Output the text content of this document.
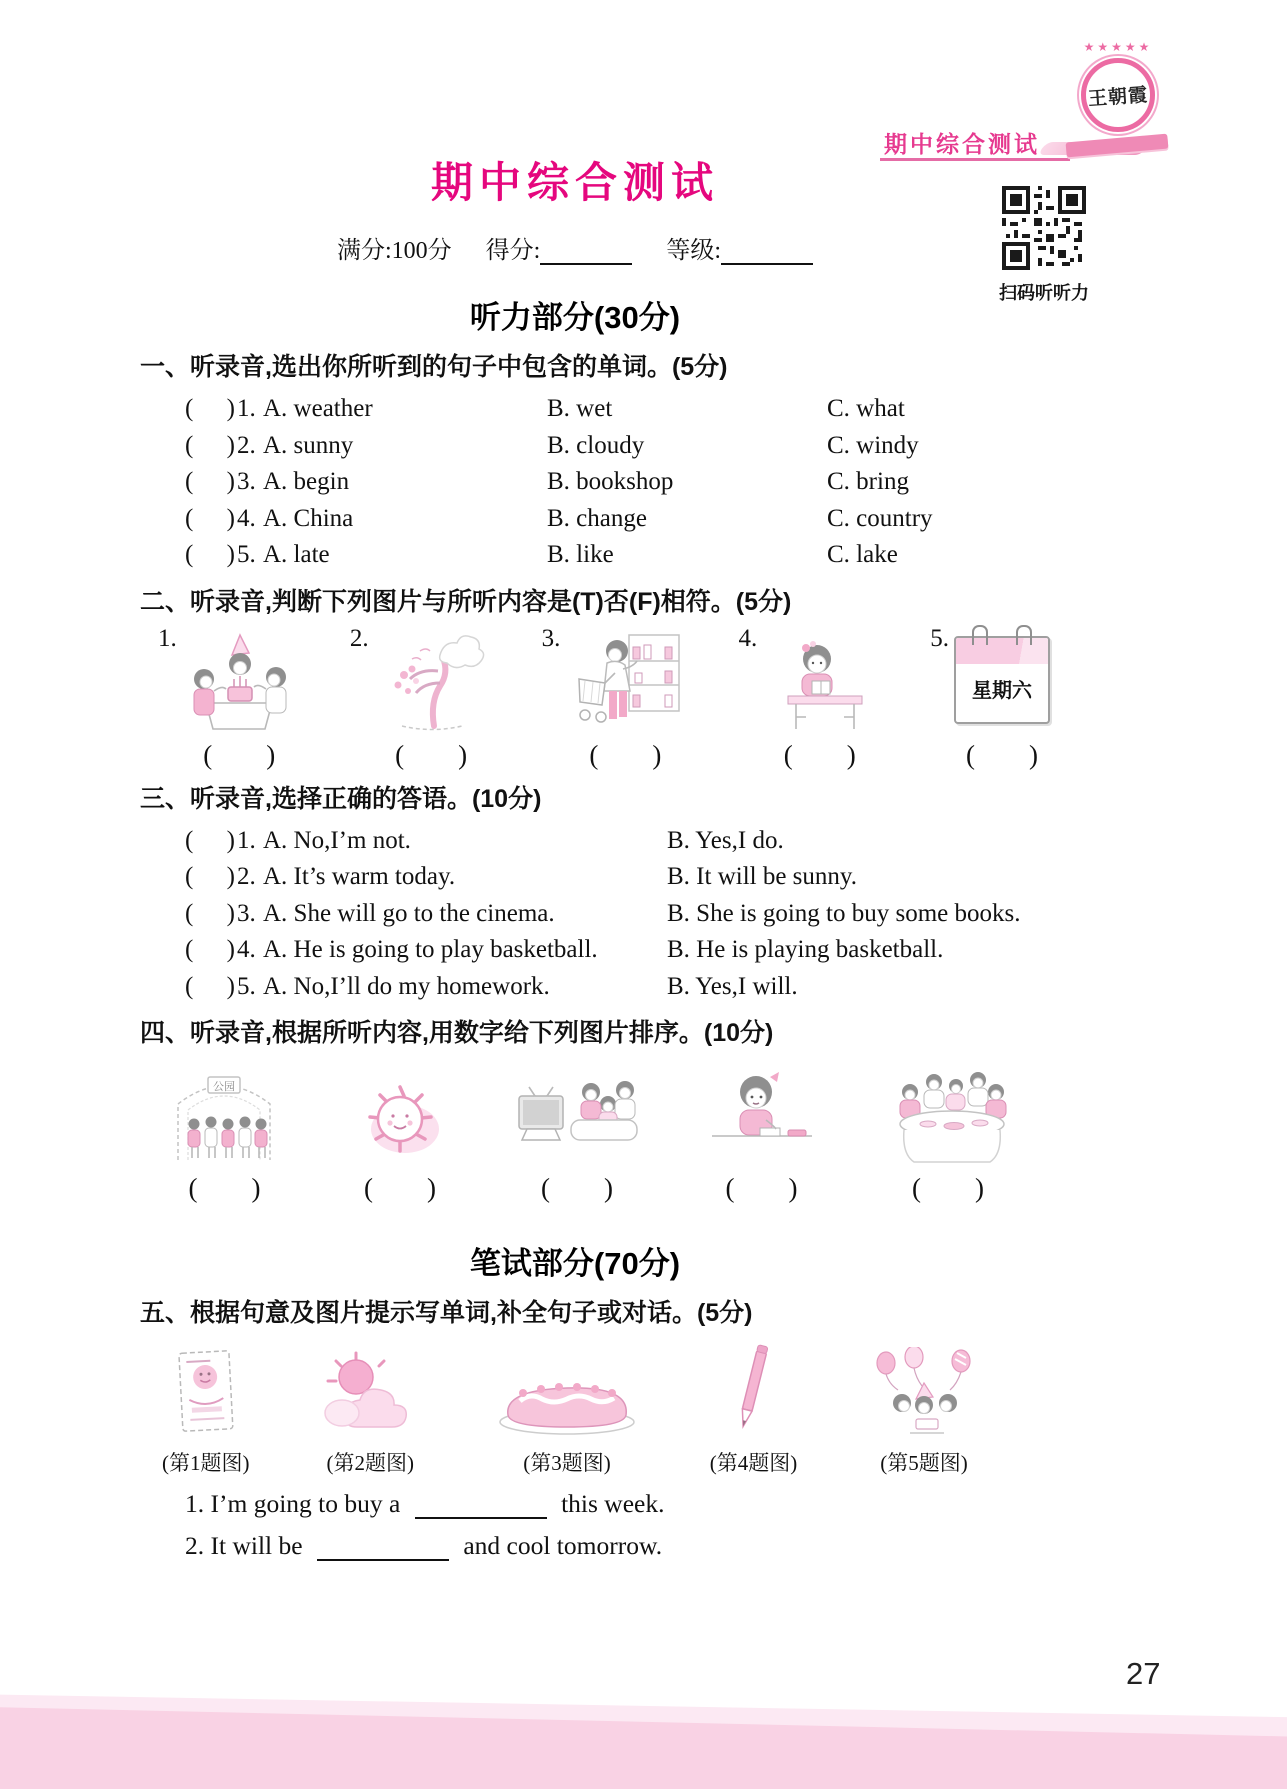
期中综合测试
★★★★★
王朝霞
期中综合测试
满分:100分 得分:	等级:
扫码听听力
听力部分(30分)
一、听录音,选出你所听到的句子中包含的单词。(5分)
( ) 1. A. weather	B. wet	C. what
( ) 2. A. sunny	B. cloudy	C. windy
( ) 3. A. begin	B. bookshop	C. bring
( ) 4. A. China	B. change	C. country
( ) 5. A. late	B. like	C. lake
二、听录音,判断下列图片与所听内容是(T)否(F)相符。(5分)
1.
( )
2.
( )
3.
( )
4.
( )
5.
星期六
( )
三、听录音,选择正确的答语。(10分)
( ) 1. A. No,I’m not.	B. Yes,I do.
( ) 2. A. It’s warm today.	B. It will be sunny.
( ) 3. A. She will go to the cinema.	B. She is going to buy some books.
( ) 4. A. He is going to play basketball.	B. He is playing basketball.
( ) 5. A. No,I’ll do my homework.	B. Yes,I will.
四、听录音,根据所听内容,用数字给下列图片排序。(10分)
公园
( )	( )	( )	( )	( )
笔试部分(70分)
五、根据句意及图片提示写单词,补全句子或对话。(5分)
(第1题图)	(第2题图)	(第3题图)	(第4题图)	(第5题图)
1. I’m going to buy a	this week.
2. It will be	and cool tomorrow.
27
